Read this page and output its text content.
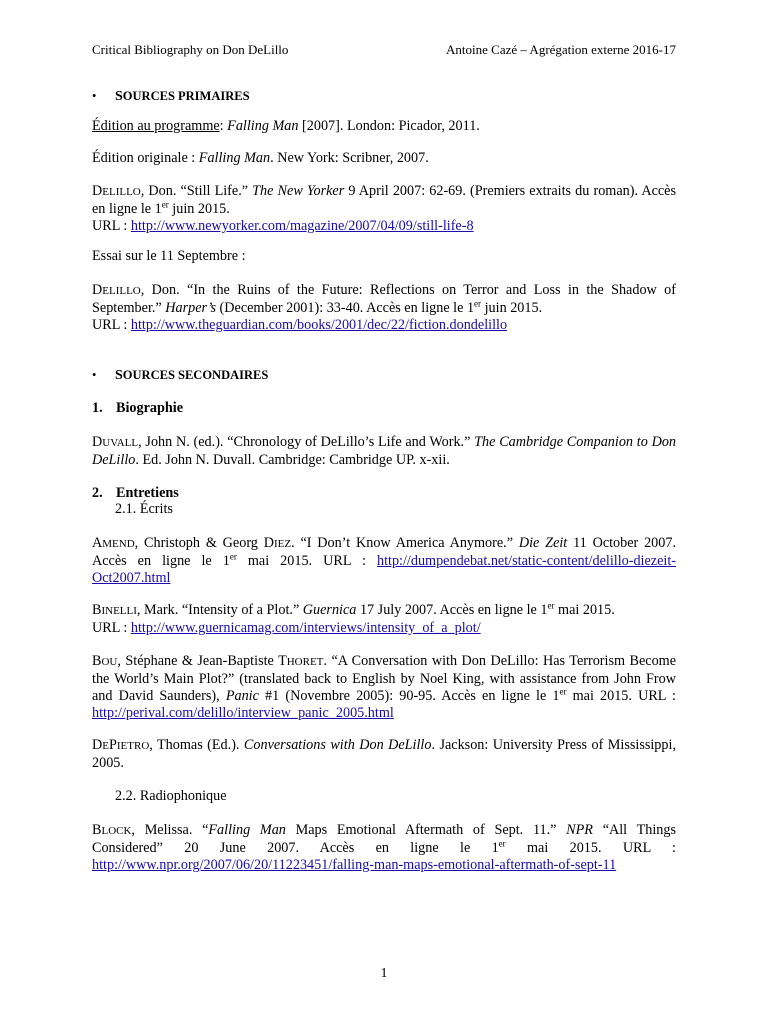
Critical Bibliography on Don DeLillo	Antoine Cazé – Agrégation externe 2016-17
• SOURCES PRIMAIRES
Édition au programme: Falling Man [2007]. London: Picador, 2011.
Édition originale : Falling Man. New York: Scribner, 2007.
DELILLO, Don. “Still Life.” The New Yorker 9 April 2007: 62-69. (Premiers extraits du roman). Accès en ligne le 1er juin 2015.
URL : http://www.newyorker.com/magazine/2007/04/09/still-life-8
Essai sur le 11 Septembre :
DELILLO, Don. “In the Ruins of the Future: Reflections on Terror and Loss in the Shadow of September.” Harper’s (December 2001): 33-40. Accès en ligne le 1er juin 2015.
URL : http://www.theguardian.com/books/2001/dec/22/fiction.dondelillo
• SOURCES SECONDAIRES
1. Biographie
DUVALL, John N. (ed.). “Chronology of DeLillo’s Life and Work.” The Cambridge Companion to Don DeLillo. Ed. John N. Duvall. Cambridge: Cambridge UP. x-xii.
2. Entretiens
2.1. Écrits
AMEND, Christoph & Georg DIEZ. “I Don’t Know America Anymore.” Die Zeit 11 October 2007. Accès en ligne le 1er mai 2015. URL : http://dumpendebat.net/static-content/delillo-diezeit-Oct2007.html
BINELLI, Mark. “Intensity of a Plot.” Guernica 17 July 2007. Accès en ligne le 1er mai 2015.
URL : http://www.guernicamag.com/interviews/intensity_of_a_plot/
BOU, Stéphane & Jean-Baptiste THORET. “A Conversation with Don DeLillo: Has Terrorism Become the World’s Main Plot?” (translated back to English by Noel King, with assistance from John Frow and David Saunders), Panic #1 (Novembre 2005): 90-95. Accès en ligne le 1er mai 2015. URL : http://perival.com/delillo/interview_panic_2005.html
DEPIETRO, Thomas (Ed.). Conversations with Don DeLillo. Jackson: University Press of Mississippi, 2005.
2.2. Radiophonique
BLOCK, Melissa. “Falling Man Maps Emotional Aftermath of Sept. 11.” NPR “All Things Considered” 20 June 2007. Accès en ligne le 1er mai 2015. URL : http://www.npr.org/2007/06/20/11223451/falling-man-maps-emotional-aftermath-of-sept-11
1
